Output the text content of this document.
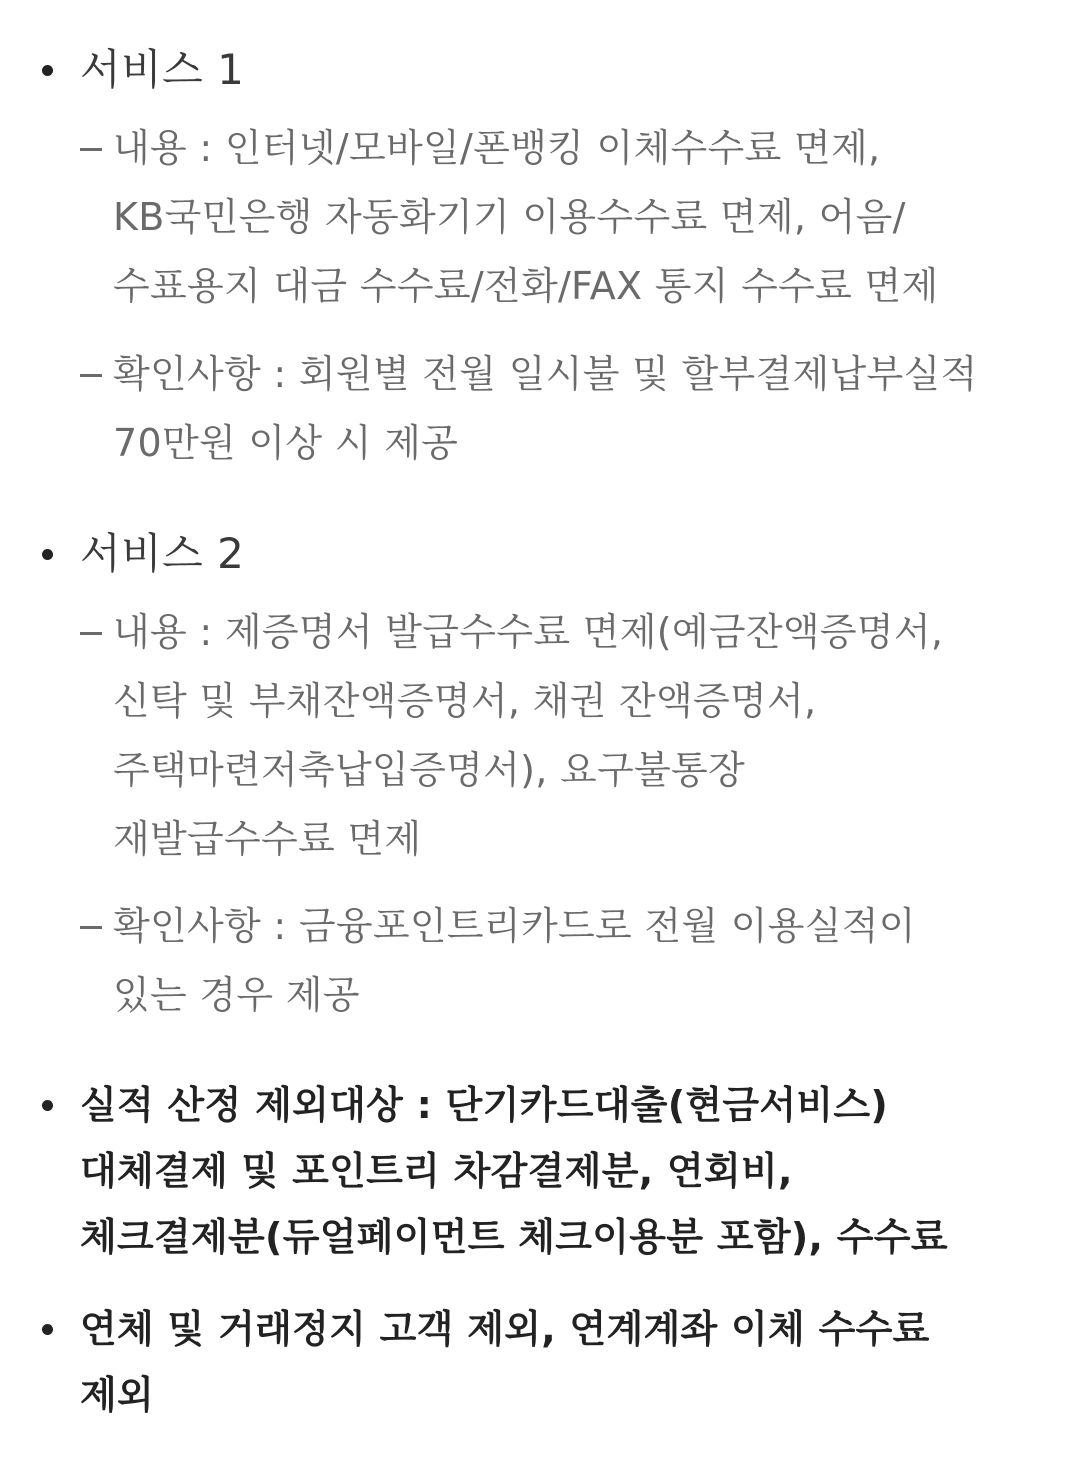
서비스 1
내용 : 인터넷/모바일/폰뱅킹 이체수수료 면제,
KB국민은행 자동화기기 이용수수료 면제, 어음/
수표용지 대금 수수료/전화/FAX 통지 수수료 면제
확인사항 : 회원별 전월 일시불 및 할부결제납부실적
70만원 이상 시 제공
서비스 2
내용 : 제증명서 발급수수료 면제(예금잔액증명서,
신탁 및 부채잔액증명서, 채권 잔액증명서,
주택마련저축납입증명서), 요구불통장
재발급수수료 면제
확인사항 : 금융포인트리카드로 전월 이용실적이
있는 경우 제공
실적 산정 제외대상 : 단기카드대출(현금서비스)
대체결제 및 포인트리 차감결제분, 연회비,
체크결제분(듀얼페이먼트 체크이용분 포함), 수수료
연체 및 거래정지 고객 제외, 연계계좌 이체 수수료
제외
